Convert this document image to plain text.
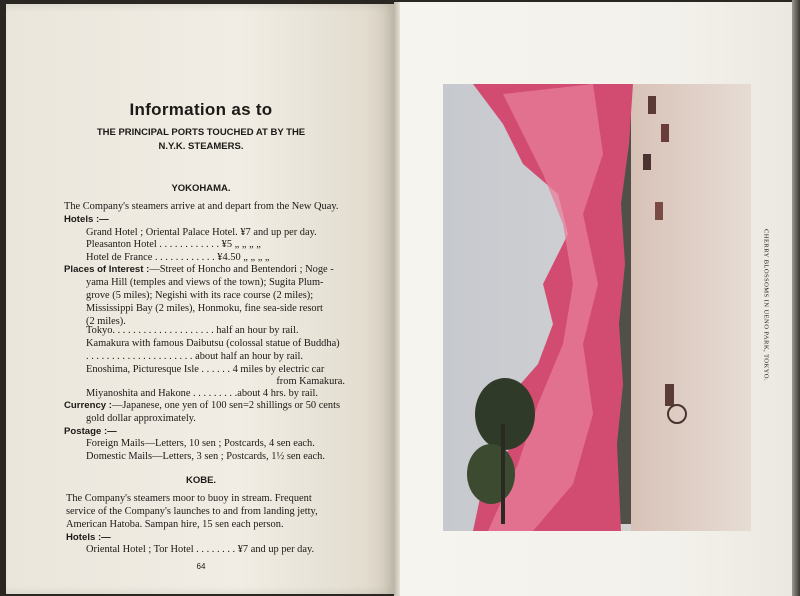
Information as to
THE PRINCIPAL PORTS TOUCHED AT BY THE
N.Y.K. STEAMERS.
YOKOHAMA.
The Company's steamers arrive at and depart from the New Quay.
Hotels :—
Grand Hotel ; Oriental Palace Hotel. ¥7 and up per day.
Pleasanton Hotel . . . . . . . . . . . . ¥5 „ „ „ „
Hotel de France . . . . . . . . . . . . ¥4.50 „ „ „ „
Places of Interest :—Street of Honcho and Bentendori ; Noge -
yama Hill (temples and views of the town); Sugita Plum-
grove (5 miles); Negishi with its race course (2 miles);
Mississippi Bay (2 miles), Honmoku, fine sea-side resort
(2 miles).
Tokyo. . . . . . . . . . . . . . . . . . . . half an hour by rail.
Kamakura with famous Daibutsu (colossal statue of Buddha)
. . . . . . . . . . . . . . . . . . . . . about half an hour by rail.
Enoshima, Picturesque Isle . . . . . . 4 miles by electric car
from Kamakura.
Miyanoshita and Hakone . . . . . . . . .about 4 hrs. by rail.
Currency :—Japanese, one yen of 100 sen=2 shillings or 50 cents
gold dollar approximately.
Postage :—
Foreign Mails—Letters, 10 sen ; Postcards, 4 sen each.
Domestic Mails—Letters, 3 sen ; Postcards, 1½ sen each.
KOBE.
The Company's steamers moor to buoy in stream. Frequent
service of the Company's launches to and from landing jetty,
American Hatoba. Sampan hire, 15 sen each person.
Hotels :—
Oriental Hotel ; Tor Hotel . . . . . . . . ¥7 and up per day.
64
CHERRY BLOSSOMS IN UENO PARK, TOKYO.
